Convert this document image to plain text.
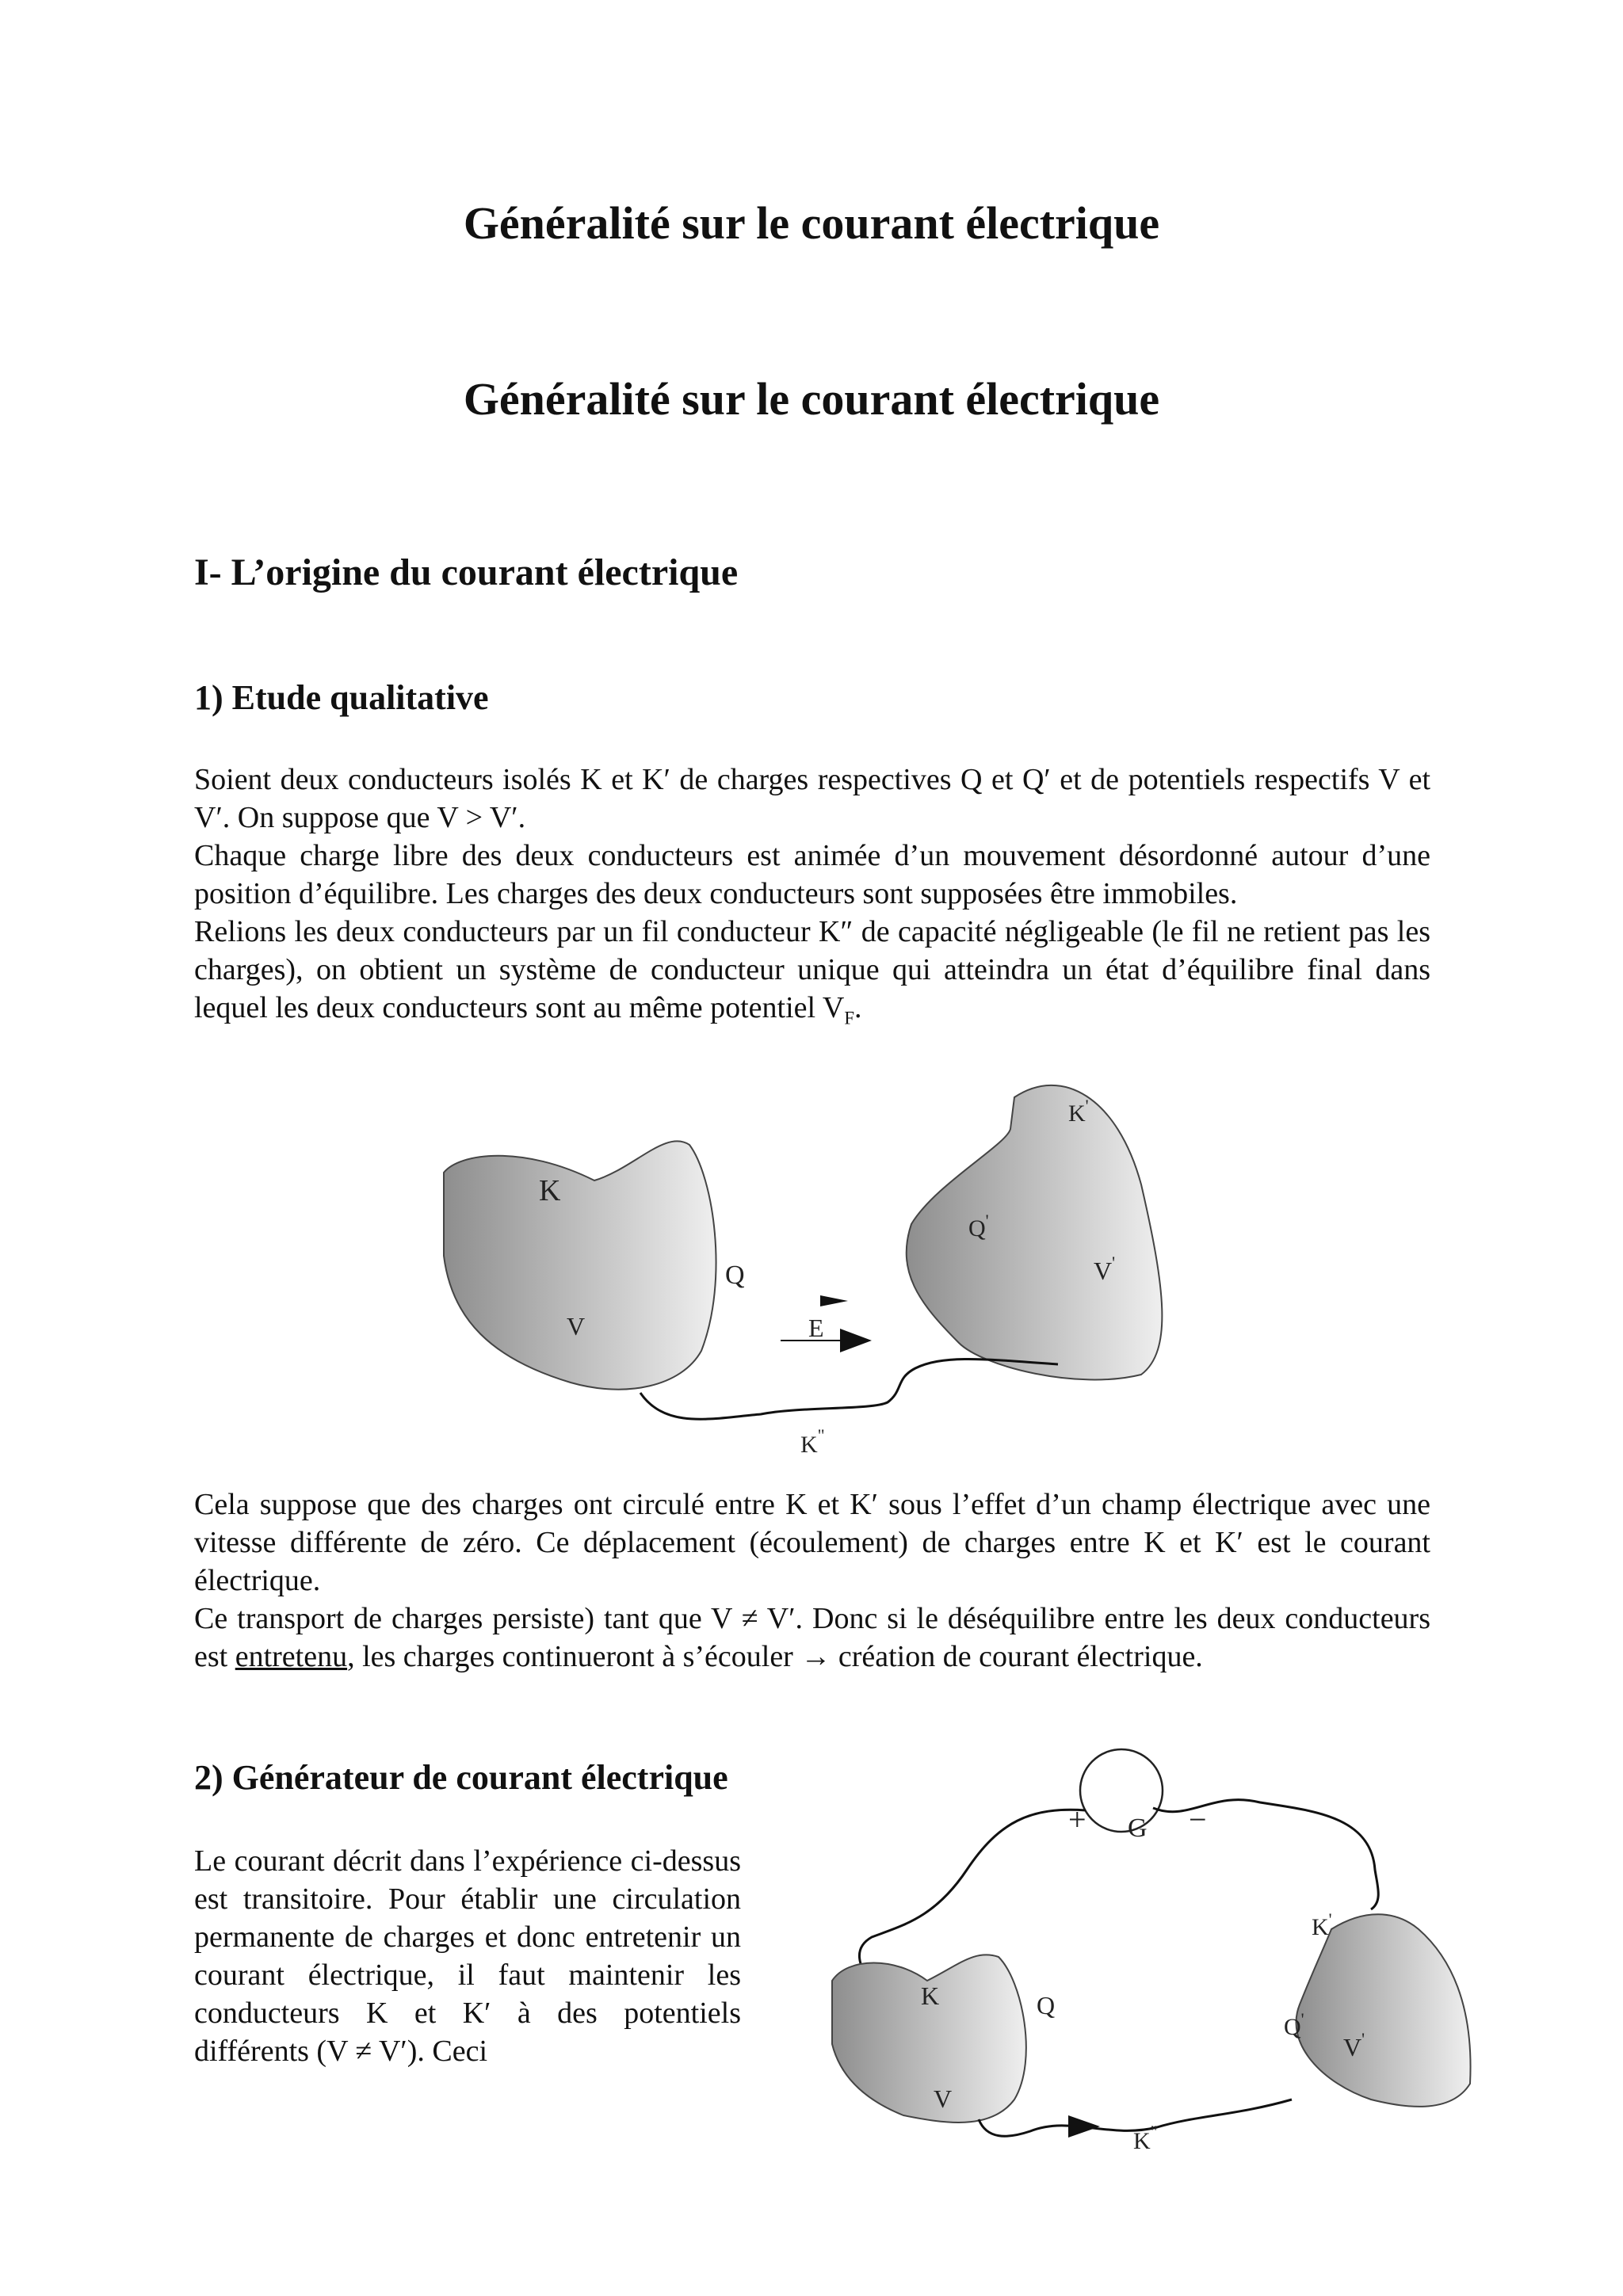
Généralité sur le courant électrique
Généralité sur le courant électrique
I- L’origine du courant électrique
1) Etude qualitative

Soient deux conducteurs isolés K et K′ de charges respectives Q et Q′ et de potentiels respectifs V et V′. On suppose que V > V′.

Chaque charge libre des deux conducteurs est animée d’un mouvement désordonné autour d’une position d’équilibre. Les charges des deux conducteurs sont supposées être immobiles.

Relions les deux conducteurs par un fil conducteur K″ de capacité négligeable (le fil ne retient pas les charges), on obtient un système de conducteur unique qui atteindra un état d’équilibre final dans lequel les deux conducteurs sont au même potentiel $V_F$.

K
V
Q
K'
Q'
V'
E
K"

Cela suppose que des charges ont circulé entre K et K′ sous l’effet d’un champ électrique avec une vitesse différente de zéro. Ce déplacement (écoulement) de charges entre K et K′ est le courant électrique.

Ce transport de charges persiste) tant que V ≠ V′. Donc si le déséquilibre entre les deux conducteurs est entretenu, les charges continueront à s’écouler → création de courant électrique.

2) Générateur de courant électrique

Le courant décrit dans l’expérience ci-dessus est transitoire. Pour établir une circulation permanente de charges et donc entretenir un courant électrique, il faut maintenir les conducteurs K et K′ à des potentiels différents (V ≠ V′). Ceci

+ G −
K	Q
V
K'
Q'
V'
K"
